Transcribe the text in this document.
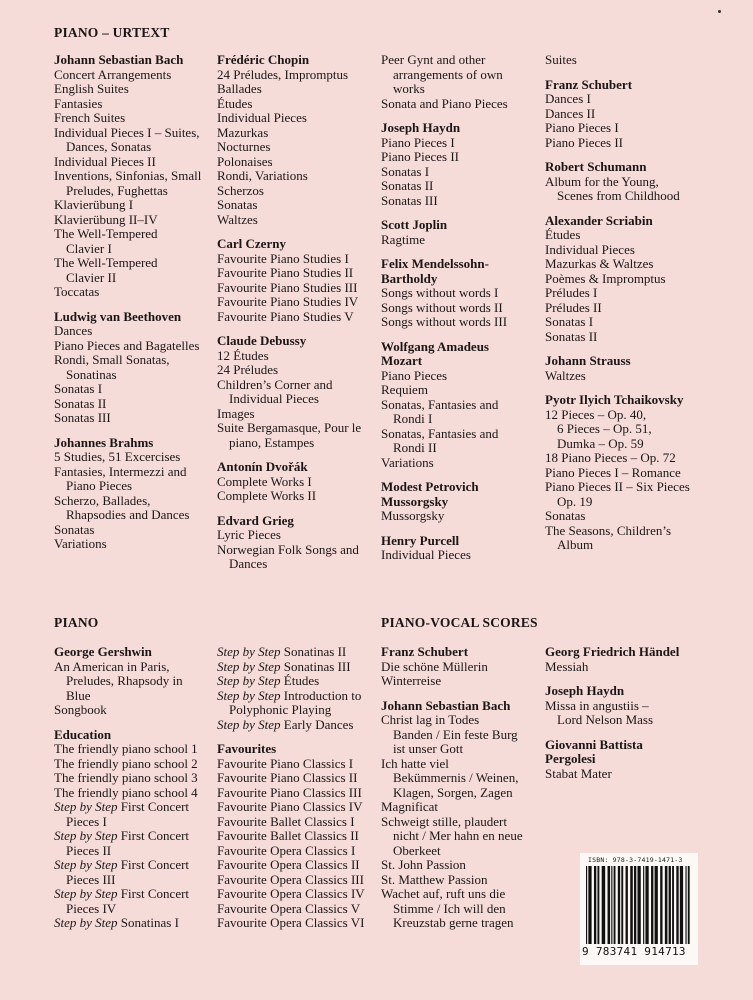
PIANO – URTEXT
Johann Sebastian Bach
Concert Arrangements
English Suites
Fantasies
French Suites
Individual Pieces I – Suites,
Dances, Sonatas
Individual Pieces II
Inventions, Sinfonias, Small
Preludes, Fughettas
Klavierübung I
Klavierübung II–IV
The Well-Tempered
Clavier I
The Well-Tempered
Clavier II
Toccatas
Ludwig van Beethoven
Dances
Piano Pieces and Bagatelles
Rondi, Small Sonatas,
Sonatinas
Sonatas I
Sonatas II
Sonatas III
Johannes Brahms
5 Studies, 51 Excercises
Fantasies, Intermezzi and
Piano Pieces
Scherzo, Ballades,
Rhapsodies and Dances
Sonatas
Variations
Frédéric Chopin
24 Préludes, Impromptus
Ballades
Études
Individual Pieces
Mazurkas
Nocturnes
Polonaises
Rondi, Variations
Scherzos
Sonatas
Waltzes
Carl Czerny
Favourite Piano Studies I
Favourite Piano Studies II
Favourite Piano Studies III
Favourite Piano Studies IV
Favourite Piano Studies V
Claude Debussy
12 Études
24 Préludes
Children’s Corner and
Individual Pieces
Images
Suite Bergamasque, Pour le
piano, Estampes
Antonín Dvořák
Complete Works I
Complete Works II
Edvard Grieg
Lyric Pieces
Norwegian Folk Songs and
Dances
Peer Gynt and other
arrangements of own
works
Sonata and Piano Pieces
Joseph Haydn
Piano Pieces I
Piano Pieces II
Sonatas I
Sonatas II
Sonatas III
Scott Joplin
Ragtime
Felix Mendelssohn-
Bartholdy
Songs without words I
Songs without words II
Songs without words III
Wolfgang Amadeus
Mozart
Piano Pieces
Requiem
Sonatas, Fantasies and
Rondi I
Sonatas, Fantasies and
Rondi II
Variations
Modest Petrovich
Mussorgsky
Mussorgsky
Henry Purcell
Individual Pieces
Suites
Franz Schubert
Dances I
Dances II
Piano Pieces I
Piano Pieces II
Robert Schumann
Album for the Young,
Scenes from Childhood
Alexander Scriabin
Études
Individual Pieces
Mazurkas & Waltzes
Poèmes & Impromptus
Préludes I
Préludes II
Sonatas I
Sonatas II
Johann Strauss
Waltzes
Pyotr Ilyich Tchaikovsky
12 Pieces – Op. 40,
6 Pieces – Op. 51,
Dumka – Op. 59
18 Piano Pieces – Op. 72
Piano Pieces I – Romance
Piano Pieces II – Six Pieces
Op. 19
Sonatas
The Seasons, Children’s
Album
PIANO
George Gershwin
An American in Paris,
Preludes, Rhapsody in
Blue
Songbook
Education
The friendly piano school 1
The friendly piano school 2
The friendly piano school 3
The friendly piano school 4
Step by Step First Concert
Pieces I
Step by Step First Concert
Pieces II
Step by Step First Concert
Pieces III
Step by Step First Concert
Pieces IV
Step by Step Sonatinas I
Step by Step Sonatinas II
Step by Step Sonatinas III
Step by Step Études
Step by Step Introduction to
Polyphonic Playing
Step by Step Early Dances
Favourites
Favourite Piano Classics I
Favourite Piano Classics II
Favourite Piano Classics III
Favourite Piano Classics IV
Favourite Ballet Classics I
Favourite Ballet Classics II
Favourite Opera Classics I
Favourite Opera Classics II
Favourite Opera Classics III
Favourite Opera Classics IV
Favourite Opera Classics V
Favourite Opera Classics VI
PIANO-VOCAL SCORES
Franz Schubert
Die schöne Müllerin
Winterreise
Johann Sebastian Bach
Christ lag in Todes
Banden / Ein feste Burg
ist unser Gott
Ich hatte viel
Bekümmernis / Weinen,
Klagen, Sorgen, Zagen
Magnificat
Schweigt stille, plaudert
nicht / Mer hahn en neue
Oberkeet
St. John Passion
St. Matthew Passion
Wachet auf, ruft uns die
Stimme / Ich will den
Kreuzstab gerne tragen
Georg Friedrich Händel
Messiah
Joseph Haydn
Missa in angustiis –
Lord Nelson Mass
Giovanni Battista
Pergolesi
Stabat Mater
ISBN: 978-3-7419-1471-3
9 783741 914713
